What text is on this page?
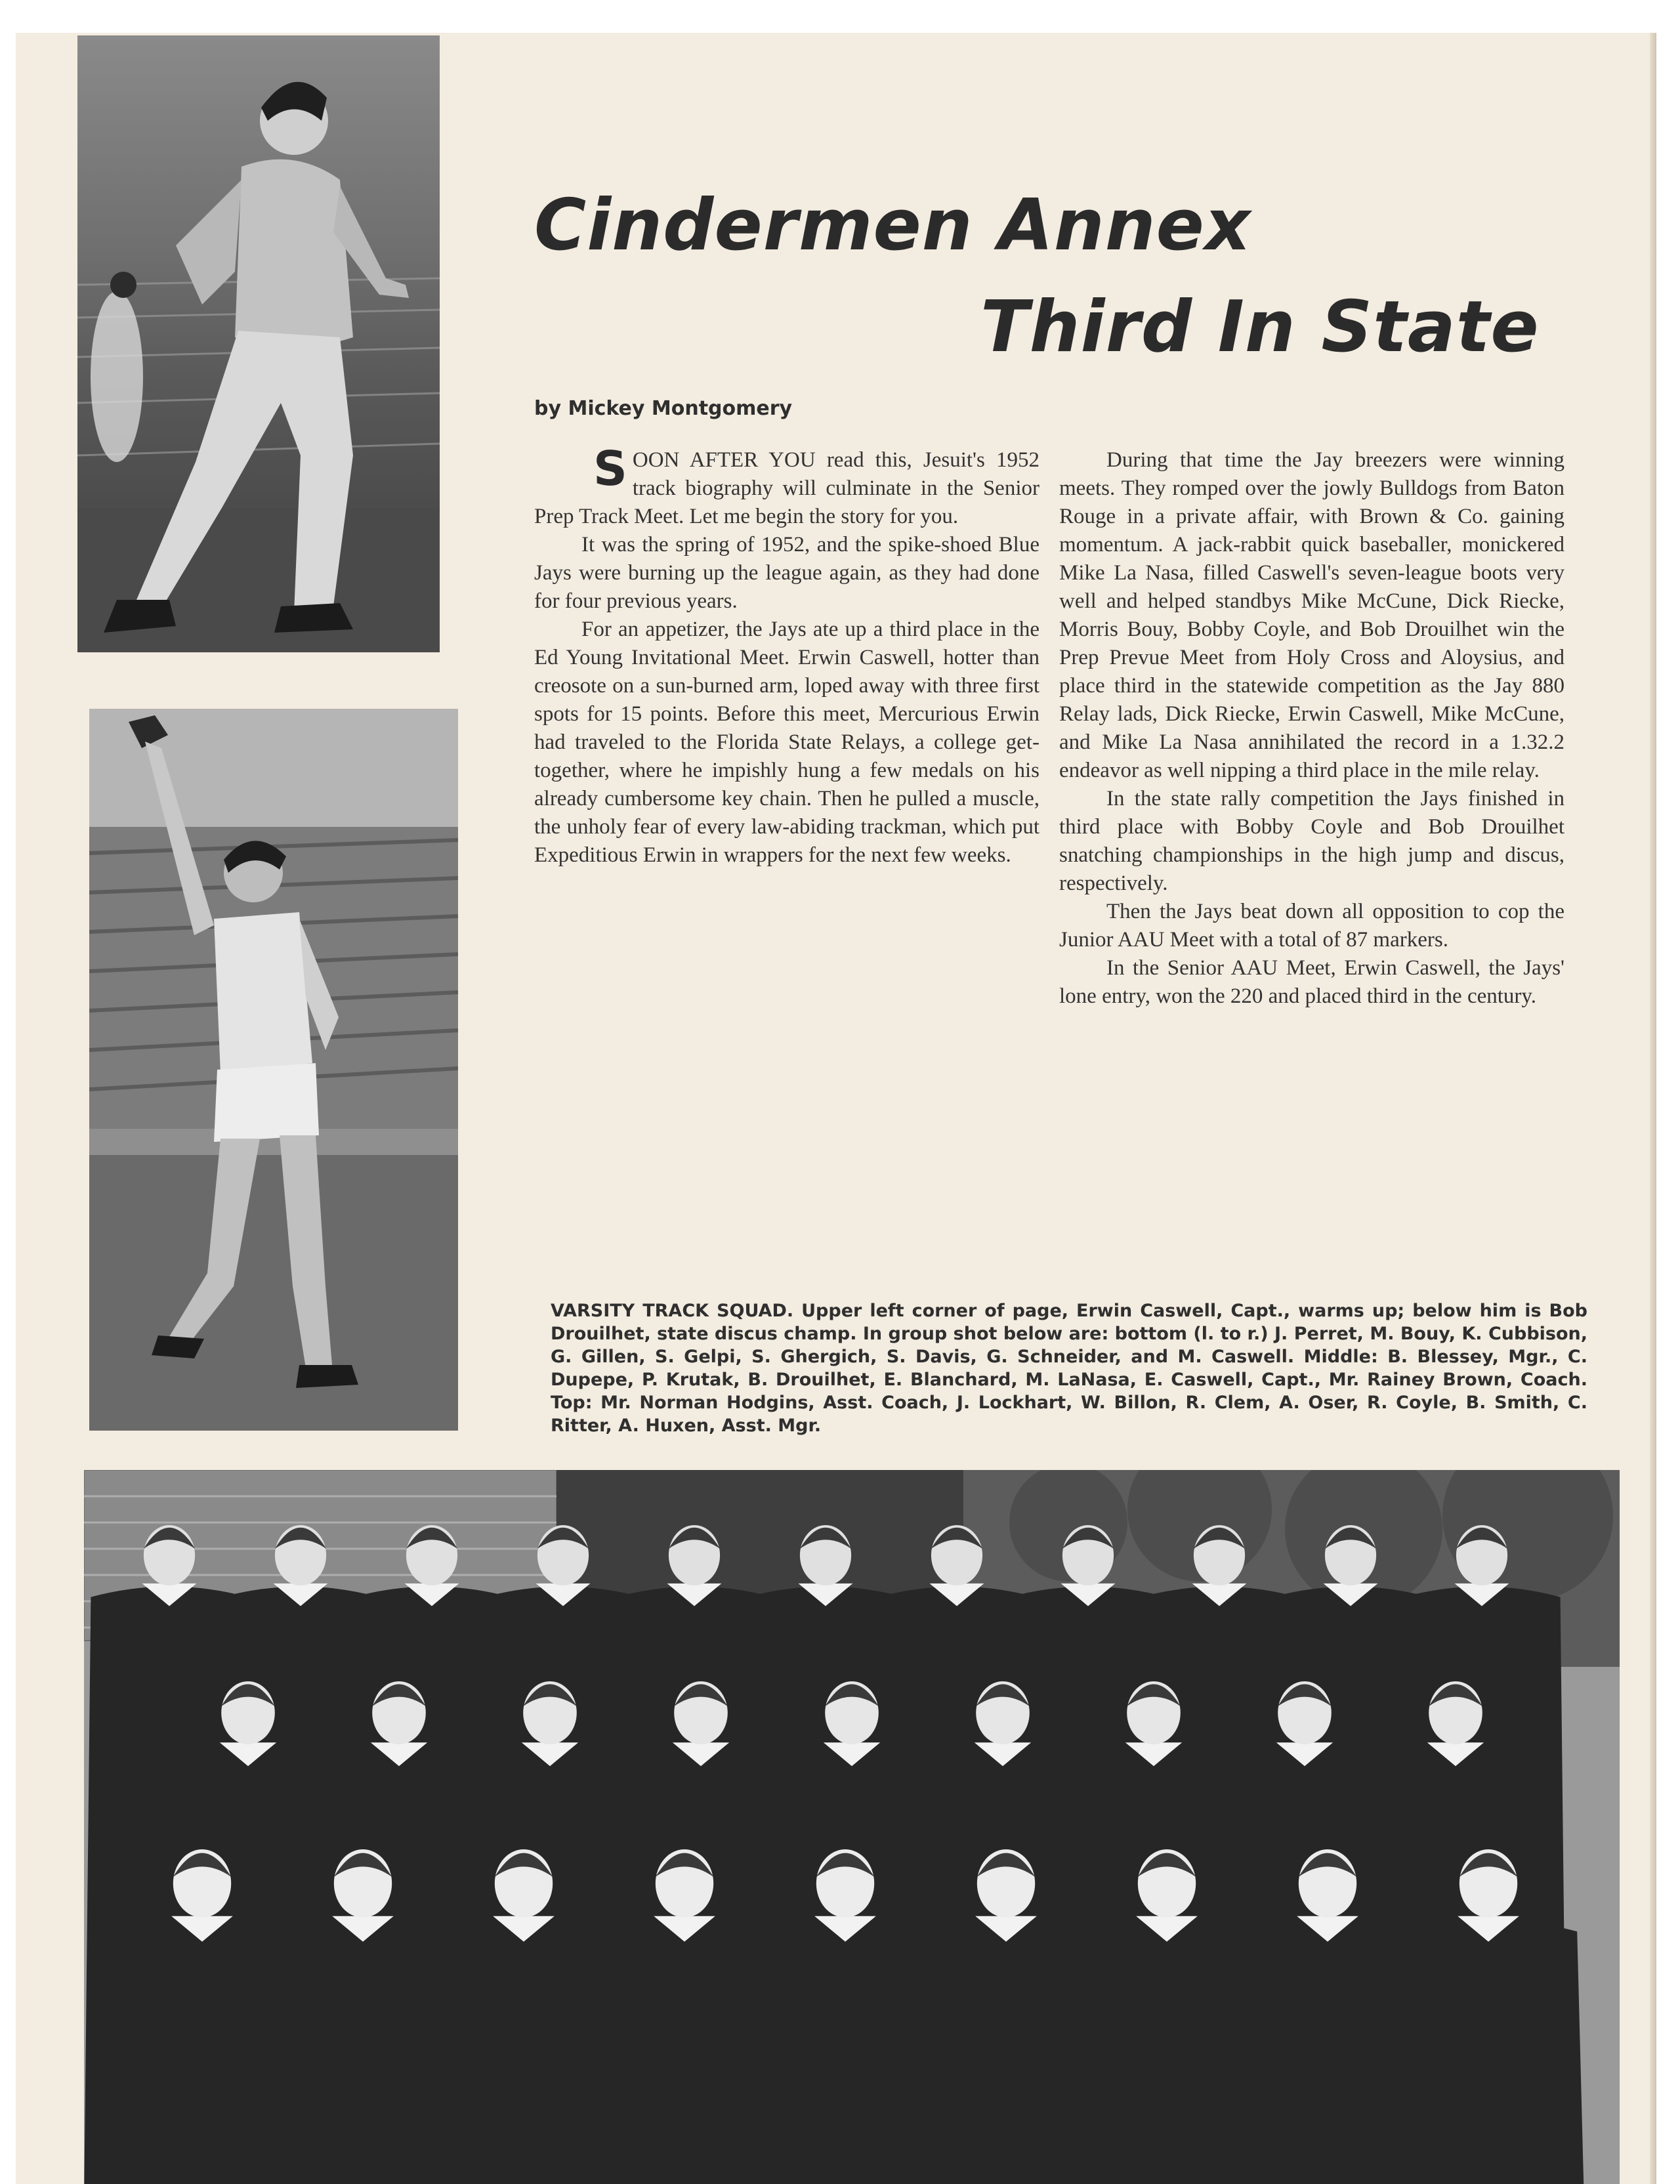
Cindermen Annex
Third In State
by Mickey Montgomery

SOON AFTER YOU read this, Jesuit's 1952 track biography will culminate in the Senior Prep Track Meet. Let me begin the story for you.

It was the spring of 1952, and the spike-shoed Blue Jays were burning up the league again, as they had done for four previous years.

For an appetizer, the Jays ate up a third place in the Ed Young Invitational Meet. Erwin Caswell, hotter than creosote on a sun-burned arm, loped away with three first spots for 15 points. Before this meet, Mercurious Erwin had traveled to the Florida State Relays, a college get-together, where he impishly hung a few medals on his already cumbersome key chain. Then he pulled a muscle, the unholy fear of every law-abiding trackman, which put Expeditious Erwin in wrappers for the next few weeks.

During that time the Jay breezers were winning meets. They romped over the jowly Bulldogs from Baton Rouge in a private affair, with Brown & Co. gaining momentum. A jack-rabbit quick baseballer, monickered Mike La Nasa, filled Caswell's seven-league boots very well and helped standbys Mike McCune, Dick Riecke, Morris Bouy, Bobby Coyle, and Bob Drouilhet win the Prep Prevue Meet from Holy Cross and Aloysius, and place third in the statewide competition as the Jay 880 Relay lads, Dick Riecke, Erwin Caswell, Mike McCune, and Mike La Nasa annihilated the record in a 1.32.2 endeavor as well nipping a third place in the mile relay.

In the state rally competition the Jays finished in third place with Bobby Coyle and Bob Drouilhet snatching championships in the high jump and discus, respectively.

Then the Jays beat down all opposition to cop the Junior AAU Meet with a total of 87 markers.

In the Senior AAU Meet, Erwin Caswell, the Jays' lone entry, won the 220 and placed third in the century.

VARSITY TRACK SQUAD. Upper left corner of page, Erwin Caswell, Capt., warms up; below him is Bob Drouilhet, state discus champ. In group shot below are: bottom (l. to r.) J. Perret, M. Bouy, K. Cubbison, G. Gillen, S. Gelpi, S. Ghergich, S. Davis, G. Schneider, and M. Caswell. Middle: B. Blessey, Mgr., C. Dupepe, P. Krutak, B. Drouilhet, E. Blanchard, M. LaNasa, E. Caswell, Capt., Mr. Rainey Brown, Coach. Top: Mr. Norman Hodgins, Asst. Coach, J. Lockhart, W. Billon, R. Clem, A. Oser, R. Coyle, B. Smith, C. Ritter, A. Huxen, Asst. Mgr.
